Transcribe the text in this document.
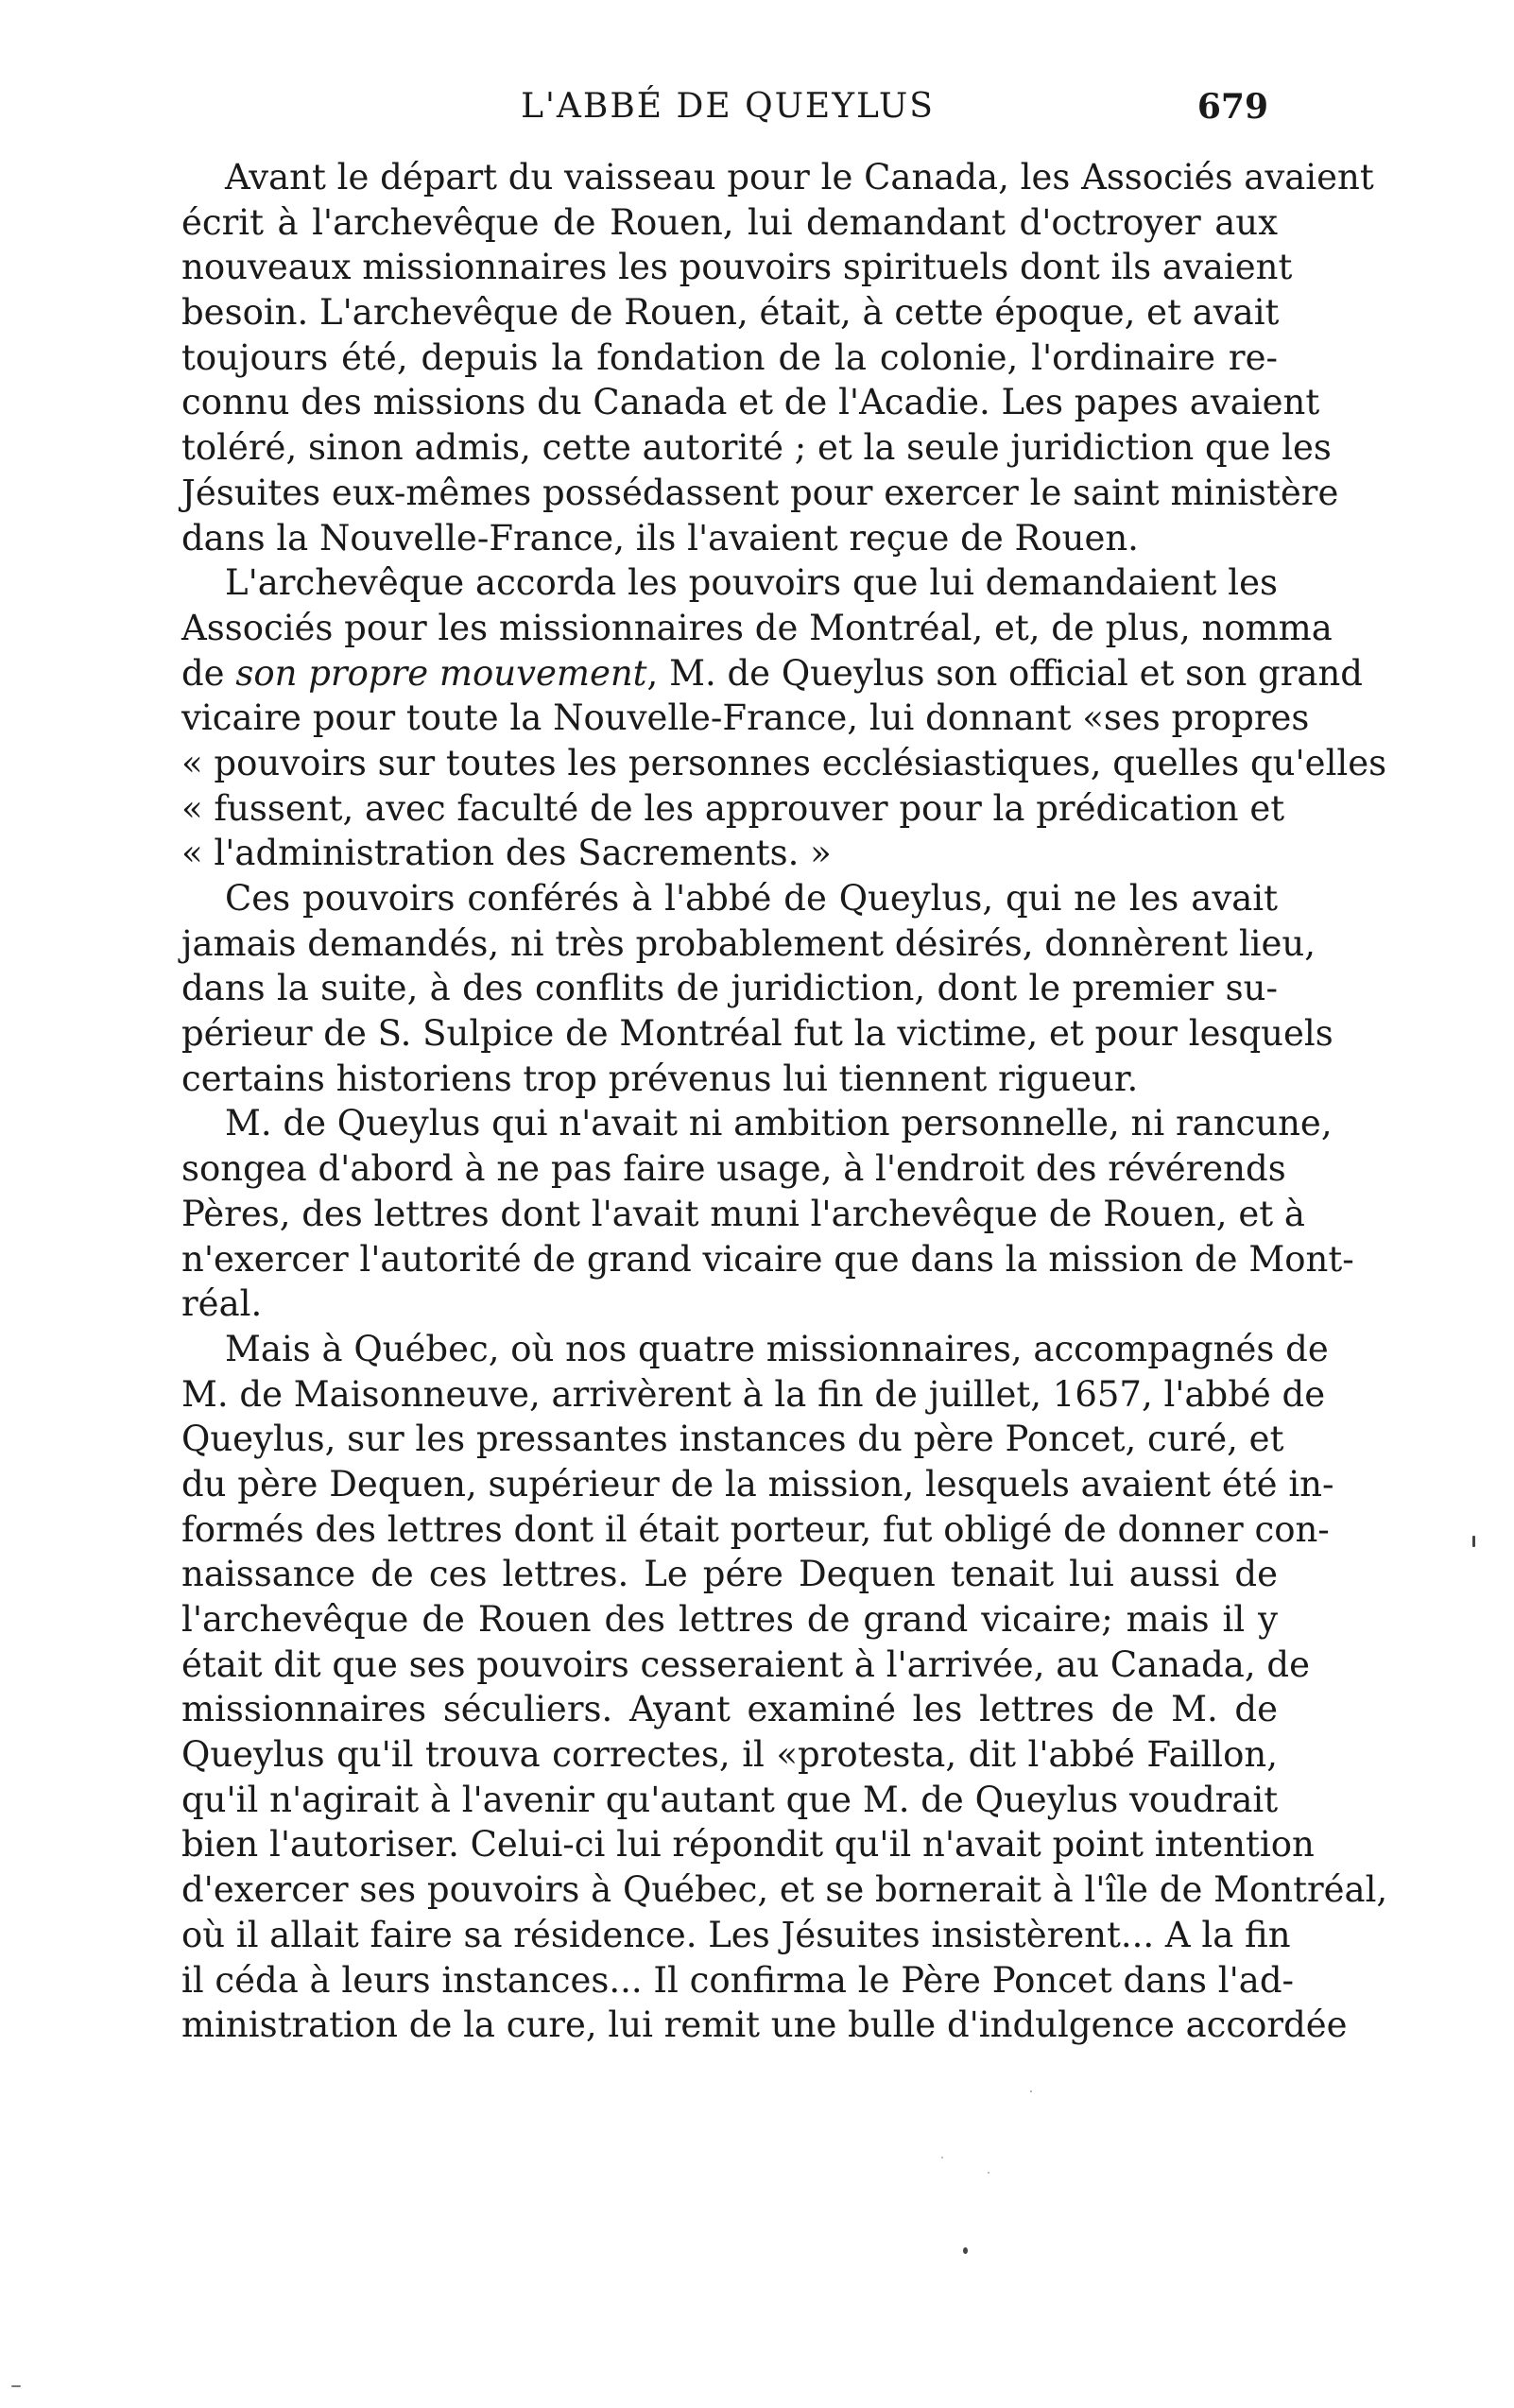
L'ABBÉ DE QUEYLUS	679
Avant le départ du vaisseau pour le Canada, les Associés avaient
écrit à l'archevêque de Rouen, lui demandant d'octroyer aux
nouveaux missionnaires les pouvoirs spirituels dont ils avaient
besoin. L'archevêque de Rouen, était, à cette époque, et avait
toujours été, depuis la fondation de la colonie, l'ordinaire re-
connu des missions du Canada et de l'Acadie. Les papes avaient
toléré, sinon admis, cette autorité ; et la seule juridiction que les
Jésuites eux-mêmes possédassent pour exercer le saint ministère
dans la Nouvelle-France, ils l'avaient reçue de Rouen.
L'archevêque accorda les pouvoirs que lui demandaient les
Associés pour les missionnaires de Montréal, et, de plus, nomma
de son propre mouvement, M. de Queylus son official et son grand
vicaire pour toute la Nouvelle-France, lui donnant «ses propres
« pouvoirs sur toutes les personnes ecclésiastiques, quelles qu'elles
« fussent, avec faculté de les approuver pour la prédication et
« l'administration des Sacrements. »
Ces pouvoirs conférés à l'abbé de Queylus, qui ne les avait
jamais demandés, ni très probablement désirés, donnèrent lieu,
dans la suite, à des conflits de juridiction, dont le premier su-
périeur de S. Sulpice de Montréal fut la victime, et pour lesquels
certains historiens trop prévenus lui tiennent rigueur.
M. de Queylus qui n'avait ni ambition personnelle, ni rancune,
songea d'abord à ne pas faire usage, à l'endroit des révérends
Pères, des lettres dont l'avait muni l'archevêque de Rouen, et à
n'exercer l'autorité de grand vicaire que dans la mission de Mont-
réal.
Mais à Québec, où nos quatre missionnaires, accompagnés de
M. de Maisonneuve, arrivèrent à la fin de juillet, 1657, l'abbé de
Queylus, sur les pressantes instances du père Poncet, curé, et
du père Dequen, supérieur de la mission, lesquels avaient été in-
formés des lettres dont il était porteur, fut obligé de donner con-
naissance de ces lettres. Le pére Dequen tenait lui aussi de
l'archevêque de Rouen des lettres de grand vicaire; mais il y
était dit que ses pouvoirs cesseraient à l'arrivée, au Canada, de
missionnaires séculiers. Ayant examiné les lettres de M. de
Queylus qu'il trouva correctes, il «protesta, dit l'abbé Faillon,
qu'il n'agirait à l'avenir qu'autant que M. de Queylus voudrait
bien l'autoriser. Celui-ci lui répondit qu'il n'avait point intention
d'exercer ses pouvoirs à Québec, et se bornerait à l'île de Montréal,
où il allait faire sa résidence. Les Jésuites insistèrent... A la fin
il céda à leurs instances... Il confirma le Père Poncet dans l'ad-
ministration de la cure, lui remit une bulle d'indulgence accordée
